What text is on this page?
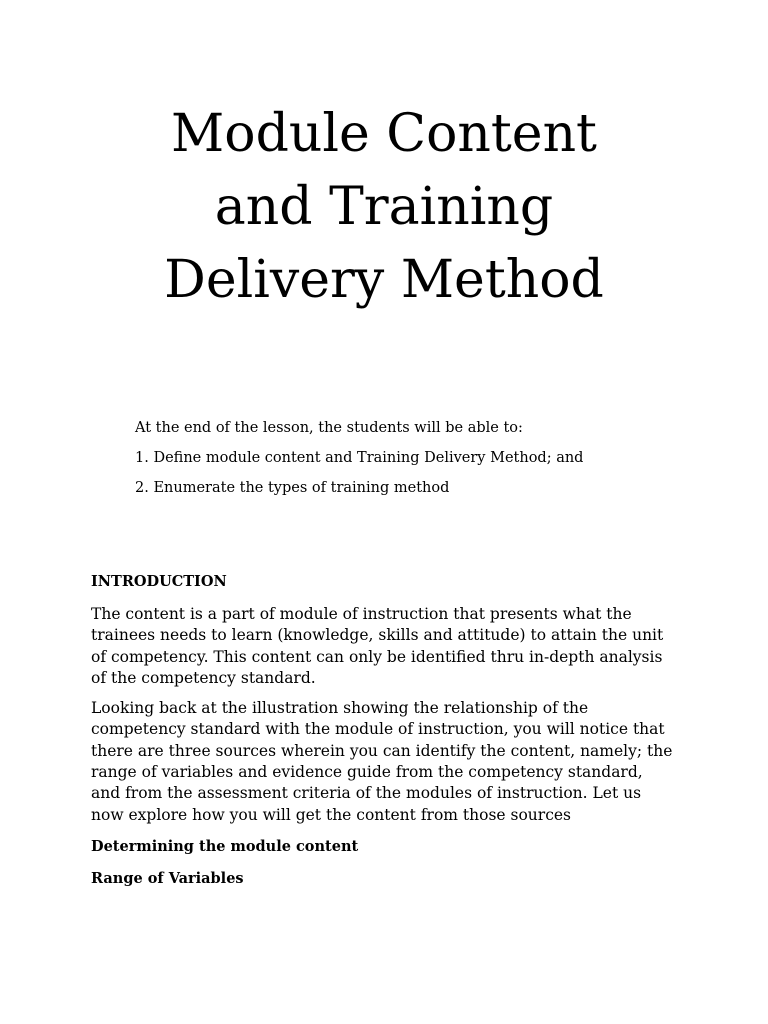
Module Content
and Training
Delivery Method

At the end of the lesson, the students will be able to:

1. Define module content and Training Delivery Method; and

2. Enumerate the types of training method

INTRODUCTION

The content is a part of module of instruction that presents what the
trainees needs to learn (knowledge, skills and attitude) to attain the unit
of competency. This content can only be identified thru in-depth analysis
of the competency standard.

Looking back at the illustration showing the relationship of the
competency standard with the module of instruction, you will notice that
there are three sources wherein you can identify the content, namely; the
range of variables and evidence guide from the competency standard,
and from the assessment criteria of the modules of instruction. Let us
now explore how you will get the content from those sources

Determining the module content

Range of Variables
